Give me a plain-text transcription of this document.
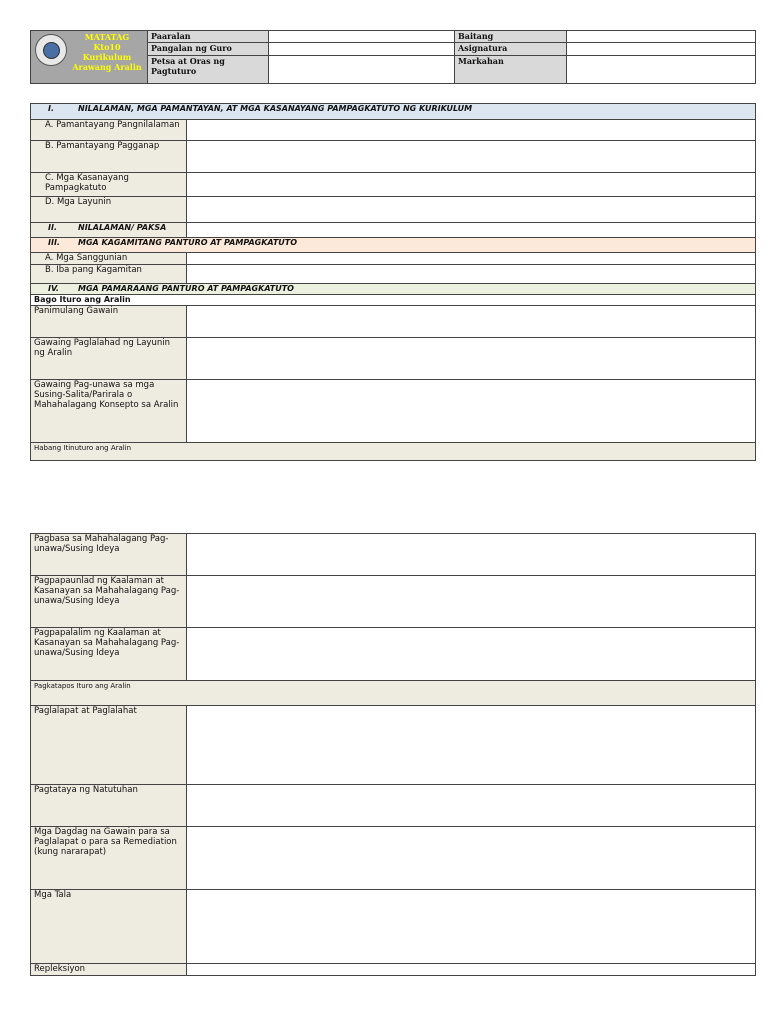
MATATAG
Kto10
Kurikulum
Arawang Aralin	Paaralan		Baitang	
	Pangalan ng Guro		Asignatura	
	Petsa at Oras ng Pagtuturo		Markahan	
I. NILALAMAN, MGA PAMANTAYAN, AT MGA KASANAYANG PAMPAGKATUTO NG KURIKULUM	
A. Pamantayang Pangnilalaman	
B. Pamantayang Pagganap	
C. Mga Kasanayang Pampagkatuto	
D. Mga Layunin	
II. NILALAMAN/ PAKSA	
III. MGA KAGAMITANG PANTURO AT PAMPAGKATUTO	
A. Mga Sanggunian	
B. Iba pang Kagamitan	
IV. MGA PAMARAANG PANTURO AT PAMPAGKATUTO	
Bago Ituro ang Aralin	
Panimulang Gawain	
Gawaing Paglalahad ng Layunin ng Aralin	
Gawaing Pag-unawa sa mga Susing-Salita/Parirala o Mahahalagang Konsepto sa Aralin	
Habang Itinuturo ang Aralin	
Pagbasa sa Mahahalagang Pag-unawa/Susing Ideya	
Pagpapaunlad ng Kaalaman at Kasanayan sa Mahahalagang Pag-unawa/Susing Ideya	
Pagpapalalim ng Kaalaman at Kasanayan sa Mahahalagang Pag-unawa/Susing Ideya	
Pagkatapos Ituro ang Aralin	
Paglalapat at Paglalahat	
Pagtataya ng Natutuhan	
Mga Dagdag na Gawain para sa Paglalapat o para sa Remediation (kung nararapat)	
Mga Tala	
Repleksiyon	
